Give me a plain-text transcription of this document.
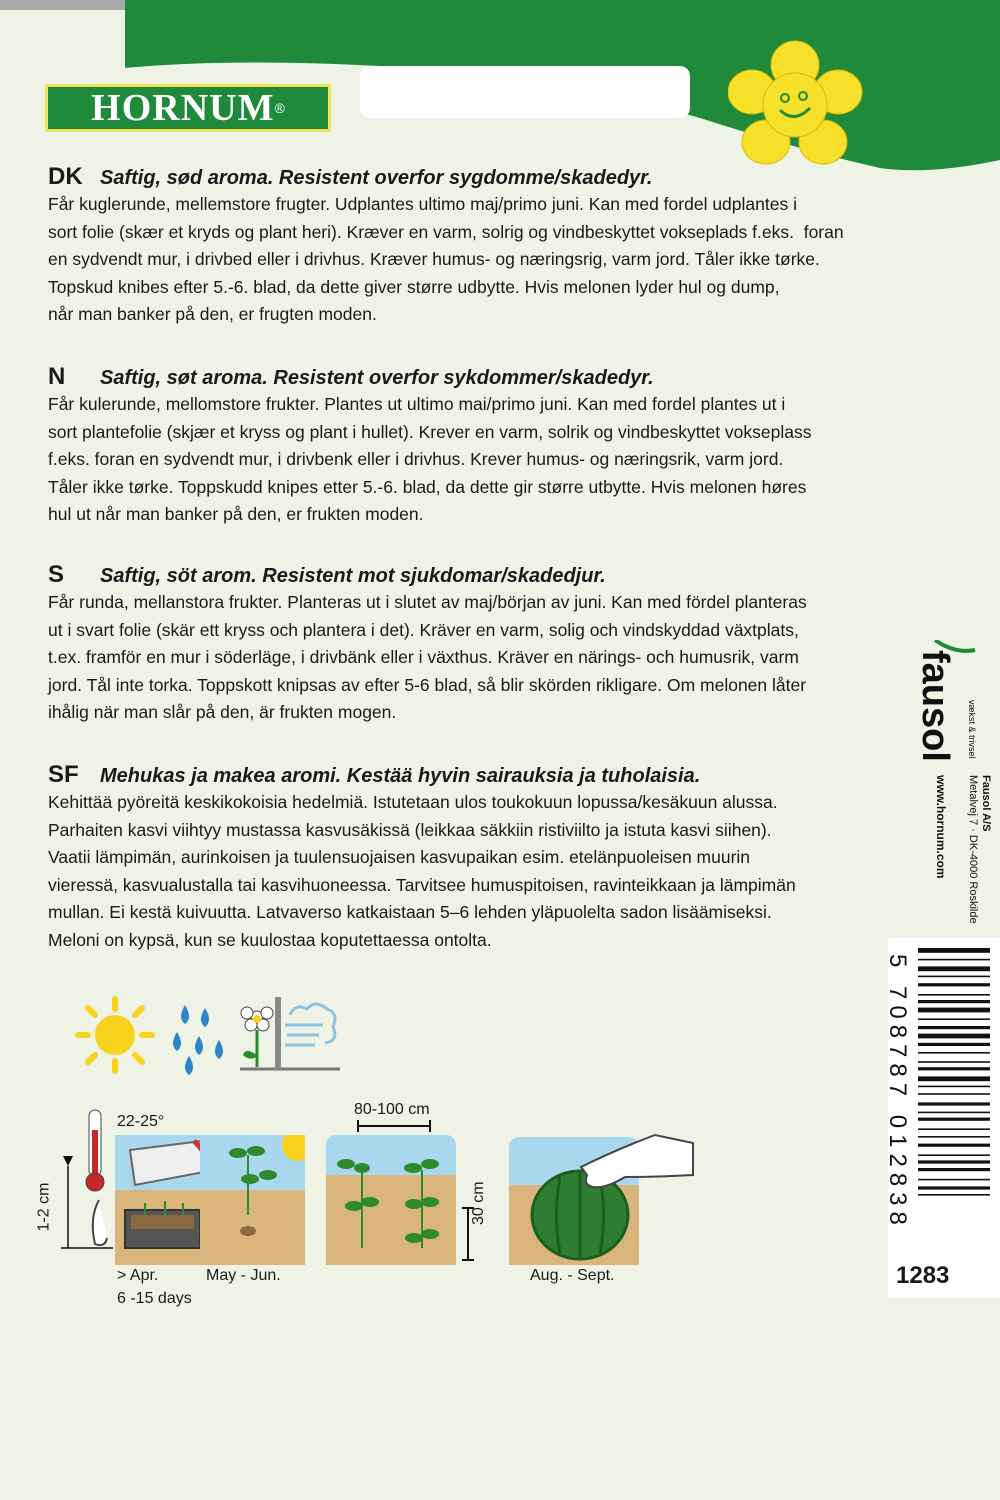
HORNUM ®
DK Saftig, sød aroma. Resistent overfor sygdomme/skadedyr.
Får kuglerunde, mellemstore frugter. Udplantes ultimo maj/primo juni. Kan med fordel udplantes i
sort folie (skær et kryds og plant heri). Kræver en varm, solrig og vindbeskyttet vokseplads f.eks.  foran
en sydvendt mur, i drivbed eller i drivhus. Kræver humus- og næringsrig, varm jord. Tåler ikke tørke.
Topskud knibes efter 5.-6. blad, da dette giver større udbytte. Hvis melonen lyder hul og dump,
når man banker på den, er frugten moden.
N Saftig, søt aroma. Resistent overfor sykdommer/skadedyr.
Får kulerunde, mellomstore frukter. Plantes ut ultimo mai/primo juni. Kan med fordel plantes ut i
sort plantefolie (skjær et kryss og plant i hullet). Krever en varm, solrik og vindbeskyttet vokseplass
f.eks. foran en sydvendt mur, i drivbenk eller i drivhus. Krever humus- og næringsrik, varm jord.
Tåler ikke tørke. Toppskudd knipes etter 5.-6. blad, da dette gir større utbytte. Hvis melonen høres
hul ut når man banker på den, er frukten moden.
S Saftig, söt arom. Resistent mot sjukdomar/skadedjur.
Får runda, mellanstora frukter. Planteras ut i slutet av maj/början av juni. Kan med fördel planteras
ut i svart folie (skär ett kryss och plantera i det). Kräver en varm, solig och vindskyddad växtplats,
t.ex. framför en mur i söderläge, i drivbänk eller i växthus. Kräver en närings- och humusrik, varm
jord. Tål inte torka. Toppskott knipsas av efter 5-6 blad, så blir skörden rikligare. Om melonen låter
ihålig när man slår på den, är frukten mogen.
SF Mehukas ja makea aromi. Kestää hyvin sairauksia ja tuholaisia.
Kehittää pyöreitä keskikokoisia hedelmiä. Istutetaan ulos toukokuun lopussa/kesäkuun alussa.
Parhaiten kasvi viihtyy mustassa kasvusäkissä (leikkaa säkkiin ristiviilto ja istuta kasvi siihen).
Vaatii lämpimän, aurinkoisen ja tuulensuojaisen kasvupaikan esim. etelänpuoleisen muurin
vieressä, kasvualustalla tai kasvihuoneessa. Tarvitsee humuspitoisen, ravinteikkaan ja lämpimän
mullan. Ei kestä kuivuutta. Latvaverso katkaistaan 5–6 lehden yläpuolelta sadon lisäämiseksi.
Meloni on kypsä, kun se kuulostaa koputettaessa ontolta.
22-25°
1-2 cm
> Apr.
6 -15 days
May - Jun.
80-100 cm
30 cm
Aug. - Sept.
fausol vækst & trivsel
Fausol A/S
Metalvej 7 · DK-4000 Roskilde
www.hornum.com
5 708787 012838
1283
